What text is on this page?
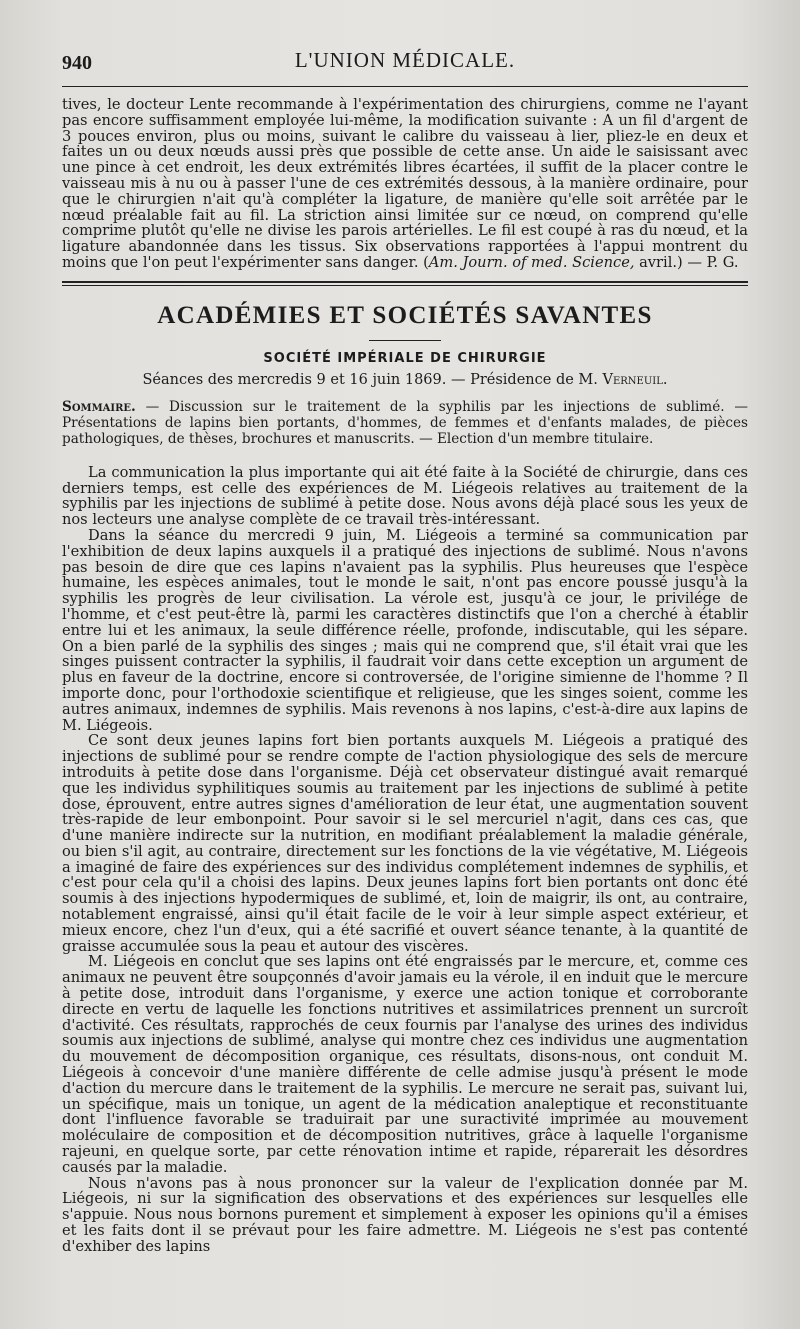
940	L'UNION MÉDICALE.

tives, le docteur Lente recommande à l'expérimentation des chirurgiens, comme ne l'ayant pas encore suffisamment employée lui-même, la modification suivante : A un fil d'argent de 3 pouces environ, plus ou moins, suivant le calibre du vaisseau à lier, pliez-le en deux et faites un ou deux nœuds aussi près que possible de cette anse. Un aide le saisissant avec une pince à cet endroit, les deux extrémités libres écartées, il suffit de la placer contre le vaisseau mis à nu ou à passer l'une de ces extrémités dessous, à la manière ordinaire, pour que le chirurgien n'ait qu'à compléter la ligature, de manière qu'elle soit arrêtée par le nœud préalable fait au fil. La striction ainsi limitée sur ce nœud, on comprend qu'elle comprime plutôt qu'elle ne divise les parois artérielles. Le fil est coupé à ras du nœud, et la ligature abandonnée dans les tissus. Six observations rapportées à l'appui montrent du moins que l'on peut l'expérimenter sans danger. (Am. Journ. of med. Science, avril.) — P. G.

ACADÉMIES ET SOCIÉTÉS SAVANTES
SOCIÉTÉ IMPÉRIALE DE CHIRURGIE
Séances des mercredis 9 et 16 juin 1869. — Présidence de M. Verneuil.
Sommaire. — Discussion sur le traitement de la syphilis par les injections de sublimé. — Présentations de lapins bien portants, d'hommes, de femmes et d'enfants malades, de pièces pathologiques, de thèses, brochures et manuscrits. — Election d'un membre titulaire.

La communication la plus importante qui ait été faite à la Société de chirurgie, dans ces derniers temps, est celle des expériences de M. Liégeois relatives au traitement de la syphilis par les injections de sublimé à petite dose. Nous avons déjà placé sous les yeux de nos lecteurs une analyse complète de ce travail très-intéressant.

Dans la séance du mercredi 9 juin, M. Liégeois a terminé sa communication par l'exhibition de deux lapins auxquels il a pratiqué des injections de sublimé. Nous n'avons pas besoin de dire que ces lapins n'avaient pas la syphilis. Plus heureuses que l'espèce humaine, les espèces animales, tout le monde le sait, n'ont pas encore poussé jusqu'à la syphilis les progrès de leur civilisation. La vérole est, jusqu'à ce jour, le privilége de l'homme, et c'est peut-être là, parmi les caractères distinctifs que l'on a cherché à établir entre lui et les animaux, la seule différence réelle, profonde, indiscutable, qui les sépare. On a bien parlé de la syphilis des singes ; mais qui ne comprend que, s'il était vrai que les singes puissent contracter la syphilis, il faudrait voir dans cette exception un argument de plus en faveur de la doctrine, encore si controversée, de l'origine simienne de l'homme ? Il importe donc, pour l'orthodoxie scientifique et religieuse, que les singes soient, comme les autres animaux, indemnes de syphilis. Mais revenons à nos lapins, c'est-à-dire aux lapins de M. Liégeois.

Ce sont deux jeunes lapins fort bien portants auxquels M. Liégeois a pratiqué des injections de sublimé pour se rendre compte de l'action physiologique des sels de mercure introduits à petite dose dans l'organisme. Déjà cet observateur distingué avait remarqué que les individus syphilitiques soumis au traitement par les injections de sublimé à petite dose, éprouvent, entre autres signes d'amélioration de leur état, une augmentation souvent très-rapide de leur embonpoint. Pour savoir si le sel mercuriel n'agit, dans ces cas, que d'une manière indirecte sur la nutrition, en modifiant préalablement la maladie générale, ou bien s'il agit, au contraire, directement sur les fonctions de la vie végétative, M. Liégeois a imaginé de faire des expériences sur des individus complétement indemnes de syphilis, et c'est pour cela qu'il a choisi des lapins. Deux jeunes lapins fort bien portants ont donc été soumis à des injections hypodermiques de sublimé, et, loin de maigrir, ils ont, au contraire, notablement engraissé, ainsi qu'il était facile de le voir à leur simple aspect extérieur, et mieux encore, chez l'un d'eux, qui a été sacrifié et ouvert séance tenante, à la quantité de graisse accumulée sous la peau et autour des viscères.

M. Liégeois en conclut que ses lapins ont été engraissés par le mercure, et, comme ces animaux ne peuvent être soupçonnés d'avoir jamais eu la vérole, il en induit que le mercure à petite dose, introduit dans l'organisme, y exerce une action tonique et corroborante directe en vertu de laquelle les fonctions nutritives et assimilatrices prennent un surcroît d'activité. Ces résultats, rapprochés de ceux fournis par l'analyse des urines des individus soumis aux injections de sublimé, analyse qui montre chez ces individus une augmentation du mouvement de décomposition organique, ces résultats, disons-nous, ont conduit M. Liégeois à concevoir d'une manière différente de celle admise jusqu'à présent le mode d'action du mercure dans le traitement de la syphilis. Le mercure ne serait pas, suivant lui, un spécifique, mais un tonique, un agent de la médication analeptique et reconstituante dont l'influence favorable se traduirait par une suractivité imprimée au mouvement moléculaire de composition et de décomposition nutritives, grâce à laquelle l'organisme rajeuni, en quelque sorte, par cette rénovation intime et rapide, réparerait les désordres causés par la maladie.

Nous n'avons pas à nous prononcer sur la valeur de l'explication donnée par M. Liégeois, ni sur la signification des observations et des expériences sur lesquelles elle s'appuie. Nous nous bornons purement et simplement à exposer les opinions qu'il a émises et les faits dont il se prévaut pour les faire admettre. M. Liégeois ne s'est pas contenté d'exhiber des lapins
